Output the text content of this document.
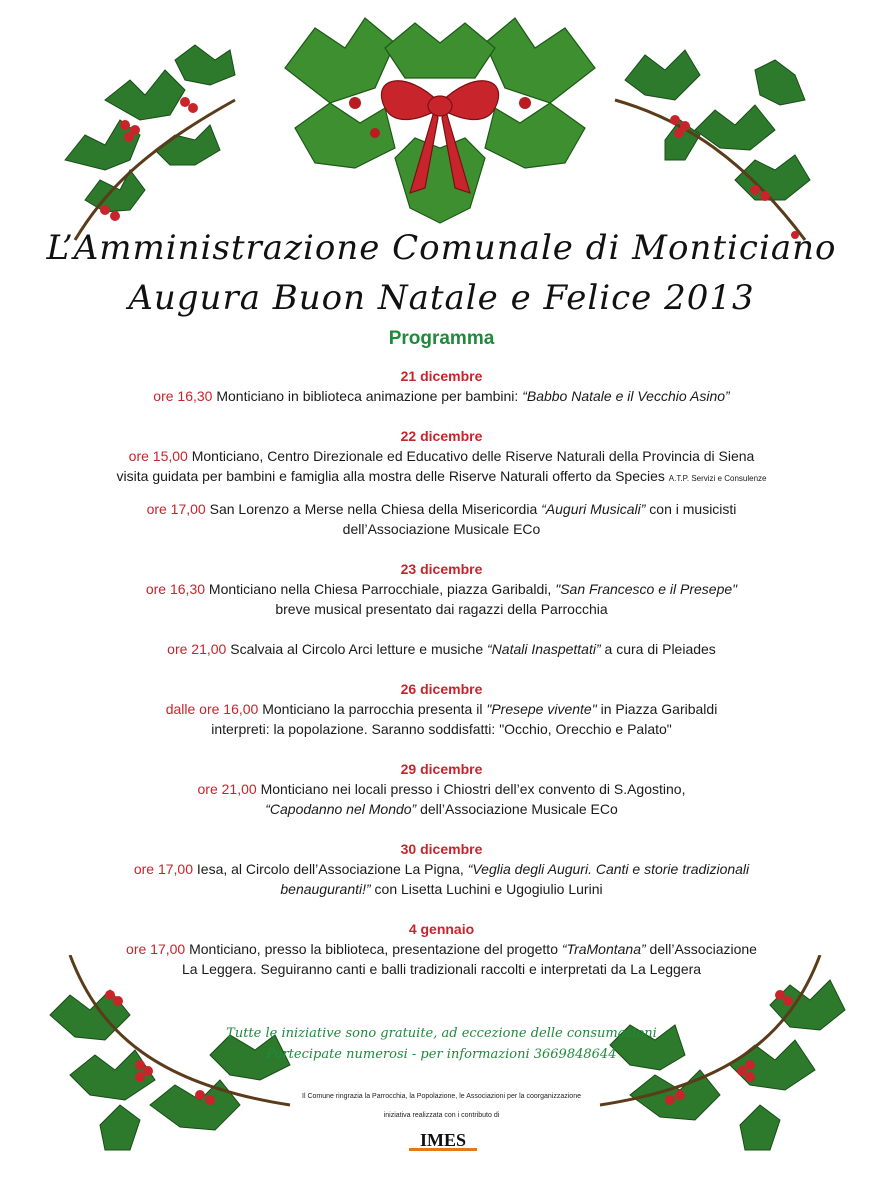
L’Amministrazione Comunale di Monticiano
Augura Buon Natale e Felice 2013
Programma
21 dicembre

ore 16,30 Monticiano in biblioteca animazione per bambini: “Babbo Natale e il Vecchio Asino”

22 dicembre

ore 15,00 Monticiano, Centro Direzionale ed Educativo delle Riserve Naturali della Provincia di Siena
visita guidata per bambini e famiglia alla mostra delle Riserve Naturali offerto da Species A.T.P. Servizi e Consulenze

ore 17,00 San Lorenzo a Merse nella Chiesa della Misericordia “Auguri Musicali” con i musicisti
dell’Associazione Musicale ECo

23 dicembre

ore 16,30 Monticiano nella Chiesa Parrocchiale, piazza Garibaldi, "San Francesco e il Presepe"
breve musical presentato dai ragazzi della Parrocchia

ore 21,00 Scalvaia al Circolo Arci letture e musiche “Natali Inaspettati” a cura di Pleiades

26 dicembre

dalle ore 16,00 Monticiano la parrocchia presenta il "Presepe vivente" in Piazza Garibaldi
interpreti: la popolazione. Saranno soddisfatti: "Occhio, Orecchio e Palato"

29 dicembre

ore 21,00 Monticiano nei locali presso i Chiostri dell’ex convento di S.Agostino,
“Capodanno nel Mondo” dell’Associazione Musicale ECo

30 dicembre

ore 17,00 Iesa, al Circolo dell’Associazione La Pigna, “Veglia degli Auguri. Canti e storie tradizionali
benauguranti!” con Lisetta Luchini e Ugogiulio Lurini

4 gennaio

ore 17,00 Monticiano, presso la biblioteca, presentazione del progetto “TraMontana” dell’Associazione
La Leggera. Seguiranno canti e balli tradizionali raccolti e interpretati da La Leggera

Tutte le iniziative sono gratuite, ad eccezione delle consumazioni
Partecipate numerosi - per informazioni 3669848644
Il Comune ringrazia la Parrocchia, la Popolazione, le Associazioni per la coorganizzazione
iniziativa realizzata con i contributo di
IMES
